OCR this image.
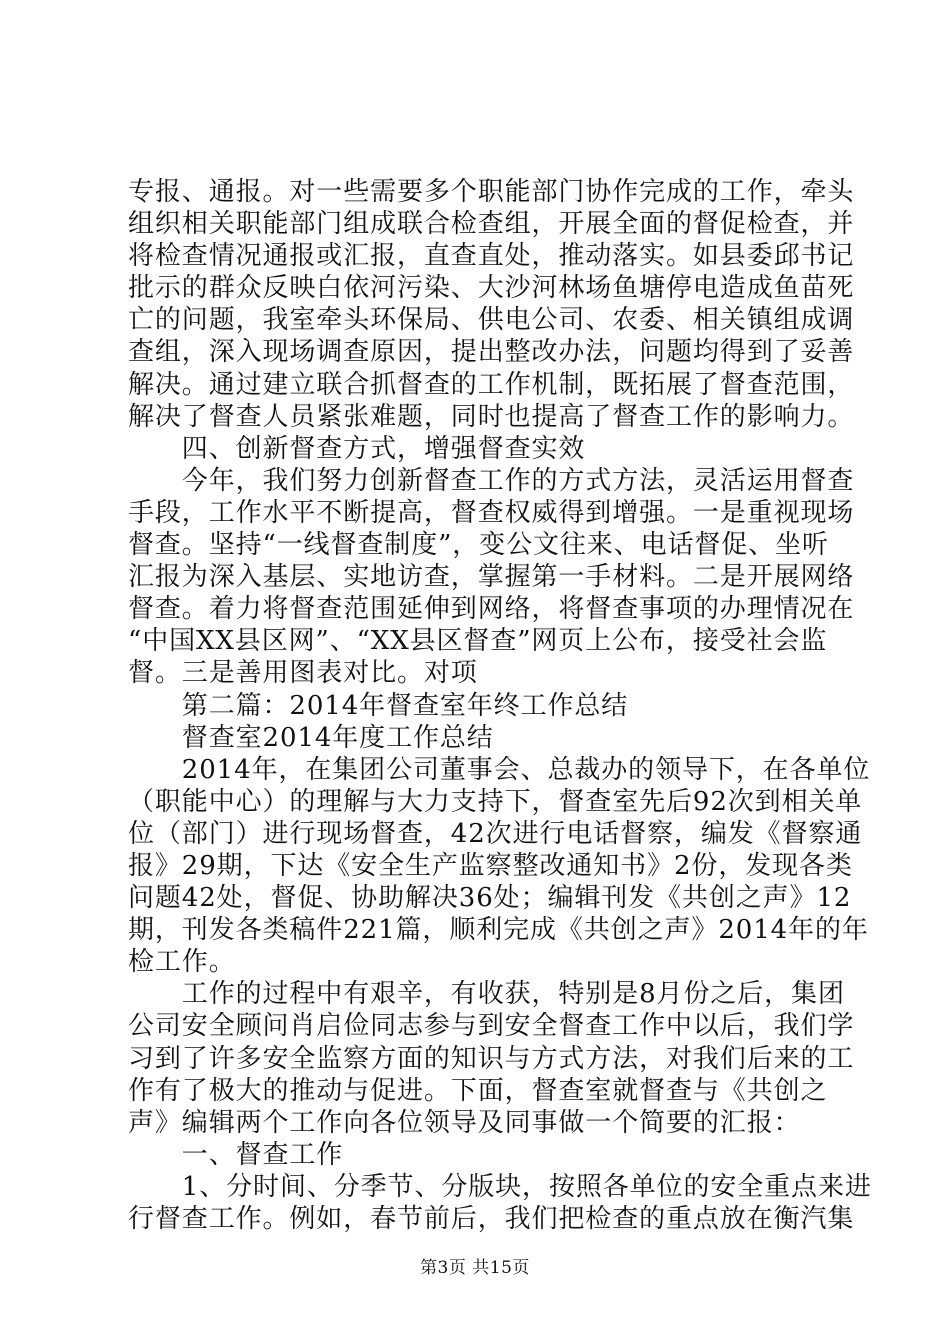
专报、通报。对一些需要多个职能部门协作完成的工作，牵头
组织相关职能部门组成联合检查组，开展全面的督促检查，并
将检查情况通报或汇报，直查直处，推动落实。如县委邱书记
批示的群众反映白依河污染、大沙河林场鱼塘停电造成鱼苗死
亡的问题，我室牵头环保局、供电公司、农委、相关镇组成调
查组，深入现场调查原因，提出整改办法，问题均得到了妥善
解决。通过建立联合抓督查的工作机制，既拓展了督查范围，
解决了督查人员紧张难题，同时也提高了督查工作的影响力。
　　四、创新督查方式，增强督查实效
　　今年，我们努力创新督查工作的方式方法，灵活运用督查
手段，工作水平不断提高，督查权威得到增强。一是重视现场
督查。坚持“一线督查制度”，变公文往来、电话督促、坐听
汇报为深入基层、实地访查，掌握第一手材料。二是开展网络
督查。着力将督查范围延伸到网络，将督查事项的办理情况在
“中国XX县区网”、“XX县区督查”网页上公布，接受社会监
督。三是善用图表对比。对项
　　第二篇：2014年督查室年终工作总结
　　督查室2014年度工作总结
　　2014年，在集团公司董事会、总裁办的领导下，在各单位
（职能中心）的理解与大力支持下，督查室先后92次到相关单
位（部门）进行现场督查，42次进行电话督察，编发《督察通
报》29期，下达《安全生产监察整改通知书》2份，发现各类
问题42处，督促、协助解决36处；编辑刊发《共创之声》12
期，刊发各类稿件221篇，顺利完成《共创之声》2014年的年
检工作。
　　工作的过程中有艰辛，有收获，特别是8月份之后，集团
公司安全顾问肖启俭同志参与到安全督查工作中以后，我们学
习到了许多安全监察方面的知识与方式方法，对我们后来的工
作有了极大的推动与促进。下面，督查室就督查与《共创之
声》编辑两个工作向各位领导及同事做一个简要的汇报：
　　一、督查工作
　　1、分时间、分季节、分版块，按照各单位的安全重点来进
行督查工作。例如，春节前后，我们把检查的重点放在衡汽集
第3页 共15页
